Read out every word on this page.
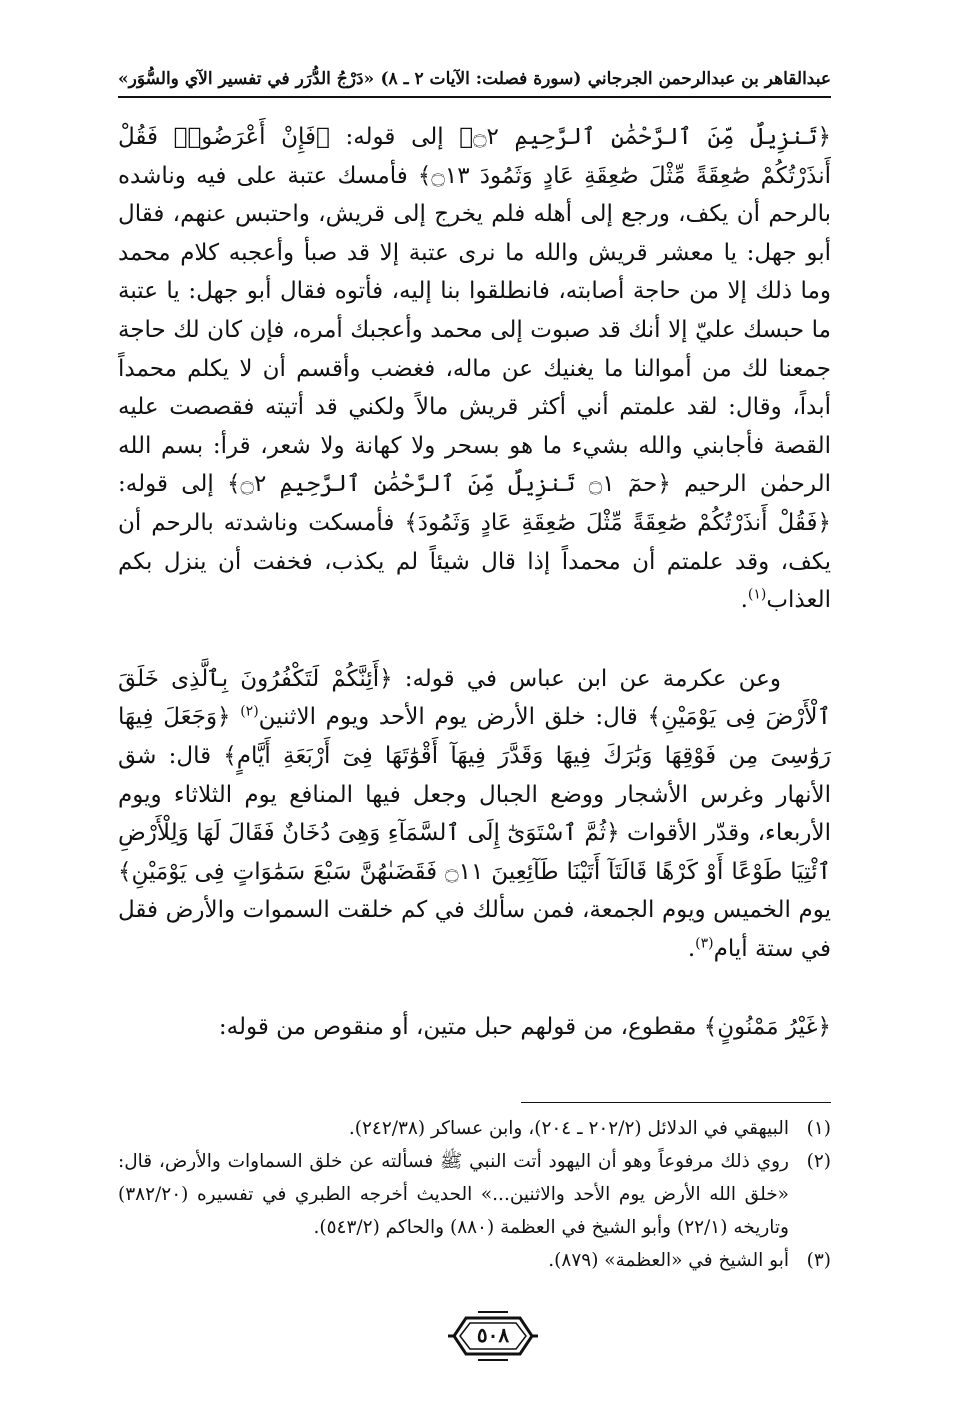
عبدالقاهر بن عبدالرحمن الجرجاني
(سورة فصلت: الآيات ٢ ـ ٨)
«دَرْجُ الدُّرَر في تفسير الآي والسُّوَر»

﴿تَنزِيلٌ مِّنَ ٱلرَّحْمَٰنِ ٱلرَّحِيمِ ۝٢﴾ إلى قوله: ﴿فَإِنْ أَعْرَضُوا۟ فَقُلْ أَنذَرْتُكُمْ صَٰعِقَةً مِّثْلَ صَٰعِقَةِ عَادٍ وَثَمُودَ ۝١٣﴾ فأمسك عتبة على فيه وناشده بالرحم أن يكف، ورجع إلى أهله فلم يخرج إلى قريش، واحتبس عنهم، فقال أبو جهل: يا معشر قريش والله ما نرى عتبة إلا قد صبأ وأعجبه كلام محمد وما ذلك إلا من حاجة أصابته، فانطلقوا بنا إليه، فأتوه فقال أبو جهل: يا عتبة ما حبسك عليّ إلا أنك قد صبوت إلى محمد وأعجبك أمره، فإن كان لك حاجة جمعنا لك من أموالنا ما يغنيك عن ماله، فغضب وأقسم أن لا يكلم محمداً أبداً، وقال: لقد علمتم أني أكثر قريش مالاً ولكني قد أتيته فقصصت عليه القصة فأجابني والله بشيء ما هو بسحر ولا كهانة ولا شعر، قرأ: بسم الله الرحمٰن الرحيم ﴿حمٓ ۝١ تَنزِيلٌ مِّنَ ٱلرَّحْمَٰنِ ٱلرَّحِيمِ ۝٢﴾ إلى قوله: ﴿فَقُلْ أَنذَرْتُكُمْ صَٰعِقَةً مِّثْلَ صَٰعِقَةِ عَادٍ وَثَمُودَ﴾ فأمسكت وناشدته بالرحم أن يكف، وقد علمتم أن محمداً إذا قال شيئاً لم يكذب، فخفت أن ينزل بكم العذاب$^{(١)}$.

وعن عكرمة عن ابن عباس في قوله: ﴿أَئِنَّكُمْ لَتَكْفُرُونَ بِٱلَّذِى خَلَقَ ٱلْأَرْضَ فِى يَوْمَيْنِ﴾ قال: خلق الأرض يوم الأحد ويوم الاثنين$^{(٢)}$ ﴿وَجَعَلَ فِيهَا رَوَٰسِىَ مِن فَوْقِهَا وَبَٰرَكَ فِيهَا وَقَدَّرَ فِيهَآ أَقْوَٰتَهَا فِىٓ أَرْبَعَةِ أَيَّامٍ﴾ قال: شق الأنهار وغرس الأشجار ووضع الجبال وجعل فيها المنافع يوم الثلاثاء ويوم الأربعاء، وقدّر الأقوات ﴿ثُمَّ ٱسْتَوَىٰٓ إِلَى ٱلسَّمَآءِ وَهِىَ دُخَانٌ فَقَالَ لَهَا وَلِلْأَرْضِ ٱئْتِيَا طَوْعًا أَوْ كَرْهًا قَالَتَآ أَتَيْنَا طَآئِعِينَ ۝١١ فَقَضَىٰهُنَّ سَبْعَ سَمَٰوَاتٍ فِى يَوْمَيْنِ﴾ يوم الخميس ويوم الجمعة، فمن سألك في كم خلقت السموات والأرض فقل في ستة أيام$^{(٣)}$.

﴿غَيْرُ مَمْنُونٍ﴾ مقطوع، من قولهم حبل متين، أو منقوص من قوله:

(١)
البيهقي في الدلائل (٢٠٢/٢ ـ ٢٠٤)، وابن عساكر (٢٤٢/٣٨).
(٢)
روي ذلك مرفوعاً وهو أن اليهود أتت النبي ﷺ فسألته عن خلق السماوات والأرض، قال: «خلق الله الأرض يوم الأحد والاثنين...» الحديث أخرجه الطبري في تفسيره (٣٨٢/٢٠) وتاريخه (٢٢/١) وأبو الشيخ في العظمة (٨٨٠) والحاكم (٥٤٣/٢).
(٣)
أبو الشيخ في «العظمة» (٨٧٩).
٥٠٨
